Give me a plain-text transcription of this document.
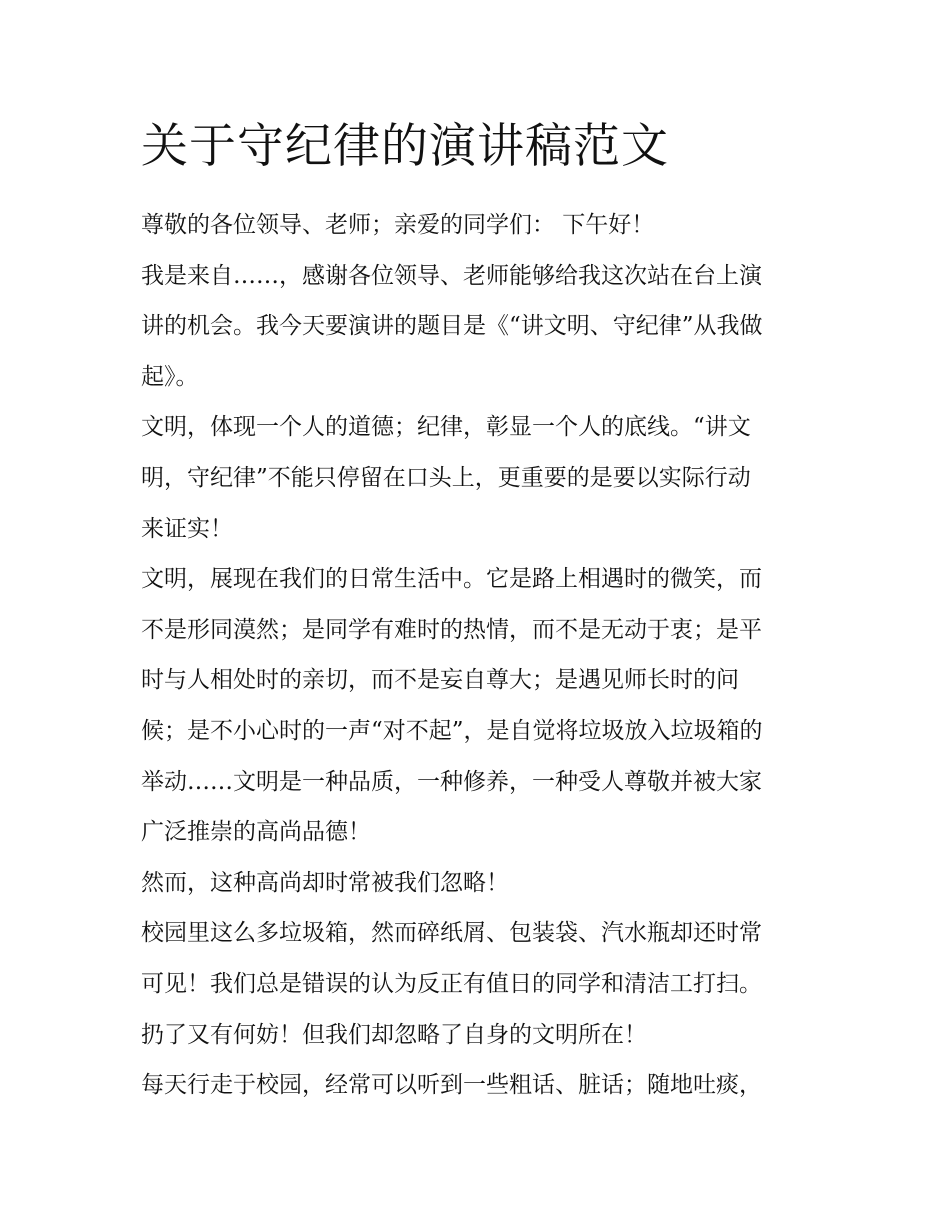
关于守纪律的演讲稿范文
尊敬的各位领导、老师；亲爱的同学们： 下午好！
我是来自……，感谢各位领导、老师能够给我这次站在台上演
讲的机会。我今天要演讲的题目是《“讲文明、守纪律”从我做
起》。
文明，体现一个人的道德；纪律，彰显一个人的底线。“讲文
明，守纪律”不能只停留在口头上，更重要的是要以实际行动
来证实！
文明，展现在我们的日常生活中。它是路上相遇时的微笑，而
不是形同漠然；是同学有难时的热情，而不是无动于衷；是平
时与人相处时的亲切，而不是妄自尊大；是遇见师长时的问
候；是不小心时的一声“对不起”，是自觉将垃圾放入垃圾箱的
举动……文明是一种品质，一种修养，一种受人尊敬并被大家
广泛推崇的高尚品德！
然而，这种高尚却时常被我们忽略！
校园里这么多垃圾箱，然而碎纸屑、包装袋、汽水瓶却还时常
可见！我们总是错误的认为反正有值日的同学和清洁工打扫。
扔了又有何妨！但我们却忽略了自身的文明所在！
每天行走于校园，经常可以听到一些粗话、脏话；随地吐痰，
